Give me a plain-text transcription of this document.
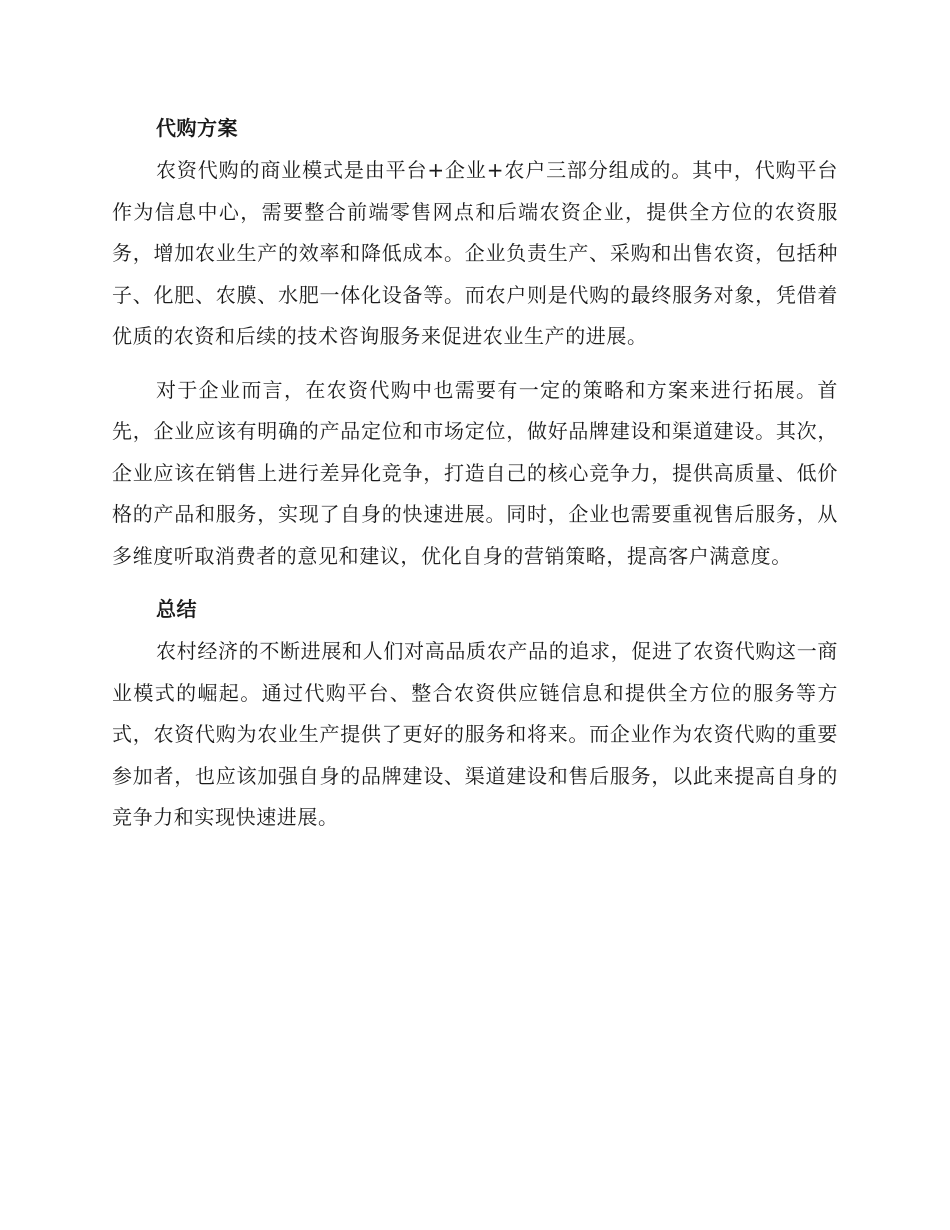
代购方案

农资代购的商业模式是由平台+企业+农户三部分组成的。其中，代购平台作为信息中心，需要整合前端零售网点和后端农资企业，提供全方位的农资服务，增加农业生产的效率和降低成本。企业负责生产、采购和出售农资，包括种子、化肥、农膜、水肥一体化设备等。而农户则是代购的最终服务对象，凭借着优质的农资和后续的技术咨询服务来促进农业生产的进展。

对于企业而言，在农资代购中也需要有一定的策略和方案来进行拓展。首先，企业应该有明确的产品定位和市场定位，做好品牌建设和渠道建设。其次，企业应该在销售上进行差异化竞争，打造自己的核心竞争力，提供高质量、低价格的产品和服务，实现了自身的快速进展。同时，企业也需要重视售后服务，从多维度听取消费者的意见和建议，优化自身的营销策略，提高客户满意度。

总结

农村经济的不断进展和人们对高品质农产品的追求，促进了农资代购这一商业模式的崛起。通过代购平台、整合农资供应链信息和提供全方位的服务等方式，农资代购为农业生产提供了更好的服务和将来。而企业作为农资代购的重要参加者，也应该加强自身的品牌建设、渠道建设和售后服务，以此来提高自身的竞争力和实现快速进展。
